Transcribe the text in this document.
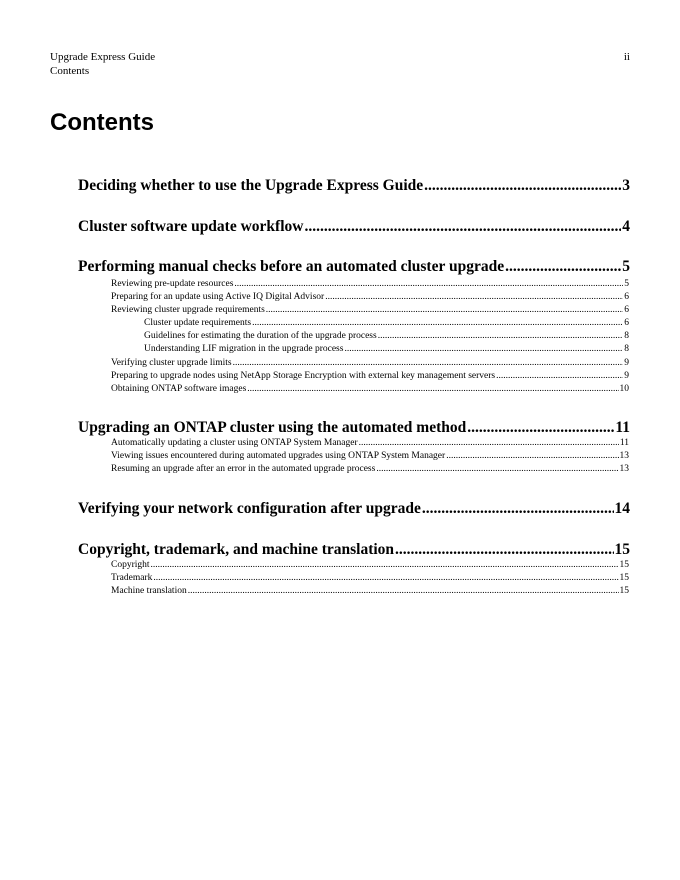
Upgrade Express Guide
Contents
ii
Contents
Deciding whether to use the Upgrade Express Guide .....	3
Cluster software update workflow .....	4
Performing manual checks before an automated cluster upgrade .....	5
Reviewing pre-update resources .....	5
Preparing for an update using Active IQ Digital Advisor .....	6
Reviewing cluster upgrade requirements .....	6
Cluster update requirements .....	6
Guidelines for estimating the duration of the upgrade process .....	8
Understanding LIF migration in the upgrade process .....	8
Verifying cluster upgrade limits .....	9
Preparing to upgrade nodes using NetApp Storage Encryption with external key management servers .....	9
Obtaining ONTAP software images .....	10
Upgrading an ONTAP cluster using the automated method .....	11
Automatically updating a cluster using ONTAP System Manager .....	11
Viewing issues encountered during automated upgrades using ONTAP System Manager .....	13
Resuming an upgrade after an error in the automated upgrade process .....	13
Verifying your network configuration after upgrade .....	14
Copyright, trademark, and machine translation .....	15
Copyright .....	15
Trademark .....	15
Machine translation .....	15
